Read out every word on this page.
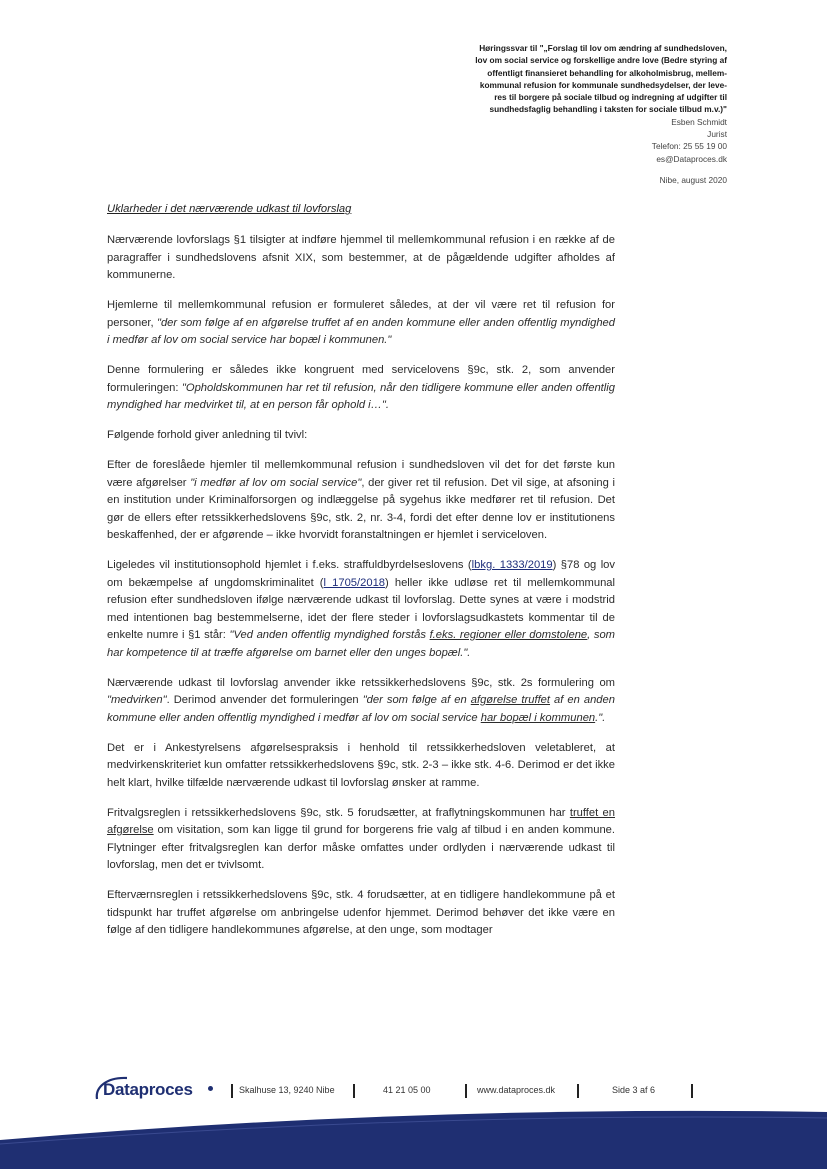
Høringssvar til "„Forslag til lov om ændring af sundhedsloven,
lov om social service og forskellige andre love (Bedre styring af
offentligt finansieret behandling for alkoholmisbrug, mellem-
kommunal refusion for kommunale sundhedsydelser, der leve-
res til borgere på sociale tilbud og indregning af udgifter til
sundhedsfaglig behandling i taksten for sociale tilbud m.v.)"
Esben Schmidt
Jurist
Telefon: 25 55 19 00
es@Dataproces.dk
Nibe, august 2020
Uklarheder i det nærværende udkast til lovforslag

Nærværende lovforslags §1 tilsigter at indføre hjemmel til mellemkommunal refusion i en række af de paragraffer i sundhedslovens afsnit XIX, som bestemmer, at de pågældende udgifter afholdes af kommunerne.

Hjemlerne til mellemkommunal refusion er formuleret således, at der vil være ret til refusion for personer, "der som følge af en afgørelse truffet af en anden kommune eller anden offentlig myndighed i medfør af lov om social service har bopæl i kommunen."

Denne formulering er således ikke kongruent med servicelovens §9c, stk. 2, som anvender formuleringen: "Opholdskommunen har ret til refusion, når den tidligere kommune eller anden offentlig myndighed har medvirket til, at en person får ophold i…".

Følgende forhold giver anledning til tvivl:

Efter de foreslåede hjemler til mellemkommunal refusion i sundhedsloven vil det for det første kun være afgørelser "i medfør af lov om social service", der giver ret til refusion. Det vil sige, at afsoning i en institution under Kriminalforsorgen og indlæggelse på sygehus ikke medfører ret til refusion. Det gør de ellers efter retssikkerhedslovens §9c, stk. 2, nr. 3-4, fordi det efter denne lov er institutionens beskaffenhed, der er afgørende – ikke hvorvidt foranstaltningen er hjemlet i serviceloven.

Ligeledes vil institutionsophold hjemlet i f.eks. straffuldbyrdelseslovens (lbkg. 1333/2019) §78 og lov om bekæmpelse af ungdomskriminalitet (l 1705/2018) heller ikke udløse ret til mellemkommunal refusion efter sundhedsloven ifølge nærværende udkast til lovforslag. Dette synes at være i modstrid med intentionen bag bestemmelserne, idet der flere steder i lovforslagsudkastets kommentar til de enkelte numre i §1 står: "Ved anden offentlig myndighed forstås f.eks. regioner eller domstolene, som har kompetence til at træffe afgørelse om barnet eller den unges bopæl.".

Nærværende udkast til lovforslag anvender ikke retssikkerhedslovens §9c, stk. 2s formulering om "medvirken". Derimod anvender det formuleringen "der som følge af en afgørelse truffet af en anden kommune eller anden offentlig myndighed i medfør af lov om social service har bopæl i kommunen.".

Det er i Ankestyrelsens afgørelsespraksis i henhold til retssikkerhedsloven veletableret, at medvirkenskriteriet kun omfatter retssikkerhedslovens §9c, stk. 2-3 – ikke stk. 4-6. Derimod er det ikke helt klart, hvilke tilfælde nærværende udkast til lovforslag ønsker at ramme.

Fritvalgsreglen i retssikkerhedslovens §9c, stk. 5 forudsætter, at fraflytningskommunen har truffet en afgørelse om visitation, som kan ligge til grund for borgerens frie valg af tilbud i en anden kommune. Flytninger efter fritvalgsreglen kan derfor måske omfattes under ordlyden i nærværende udkast til lovforslag, men det er tvivlsomt.

Efterværnsreglen i retssikkerhedslovens §9c, stk. 4 forudsætter, at en tidligere handlekommune på et tidspunkt har truffet afgørelse om anbringelse udenfor hjemmet. Derimod behøver det ikke være en følge af den tidligere handlekommunes afgørelse, at den unge, som modtager

Dataproces	Skalhuse 13, 9240 Nibe	41 21 05 00	www.dataproces.dk	Side 3 af 6
